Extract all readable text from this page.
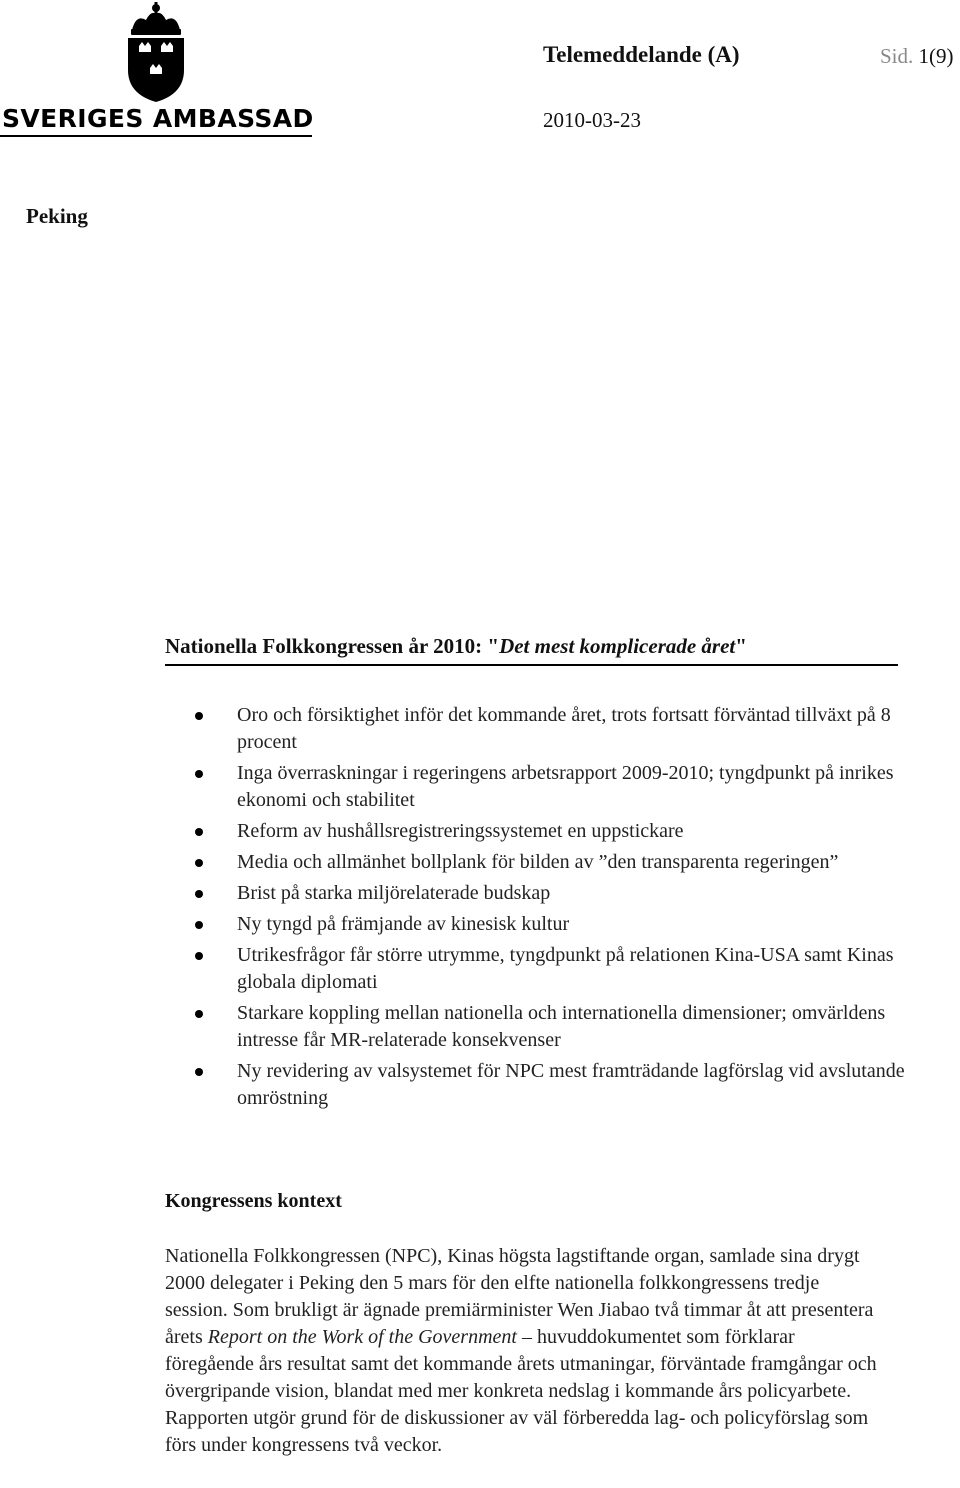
SVERIGES AMBASSAD
Telemeddelande (A)	Sid. 1(9)
2010-03-23
Peking
Nationella Folkkongressen år 2010: "Det mest komplicerade året"
Oro och försiktighet inför det kommande året, trots fortsatt förväntad tillväxt på 8 procent
Inga överraskningar i regeringens arbetsrapport 2009-2010; tyngdpunkt på inrikes ekonomi och stabilitet
Reform av hushållsregistreringssystemet en uppstickare
Media och allmänhet bollplank för bilden av ”den transparenta regeringen”
Brist på starka miljörelaterade budskap
Ny tyngd på främjande av kinesisk kultur
Utrikesfrågor får större utrymme, tyngdpunkt på relationen Kina-USA samt Kinas globala diplomati
Starkare koppling mellan nationella och internationella dimensioner; omvärldens intresse får MR-relaterade konsekvenser
Ny revidering av valsystemet för NPC mest framträdande lagförslag vid avslutande omröstning
Kongressens kontext
Nationella Folkkongressen (NPC), Kinas högsta lagstiftande organ, samlade sina drygt 2000 delegater i Peking den 5 mars för den elfte nationella folkkongressens tredje session. Som brukligt är ägnade premiärminister Wen Jiabao två timmar åt att presentera årets Report on the Work of the Government – huvuddokumentet som förklarar föregående års resultat samt det kommande årets utmaningar, förväntade framgångar och övergripande vision, blandat med mer konkreta nedslag i kommande års policyarbete. Rapporten utgör grund för de diskussioner av väl förberedda lag- och policyförslag som förs under kongressens två veckor.
